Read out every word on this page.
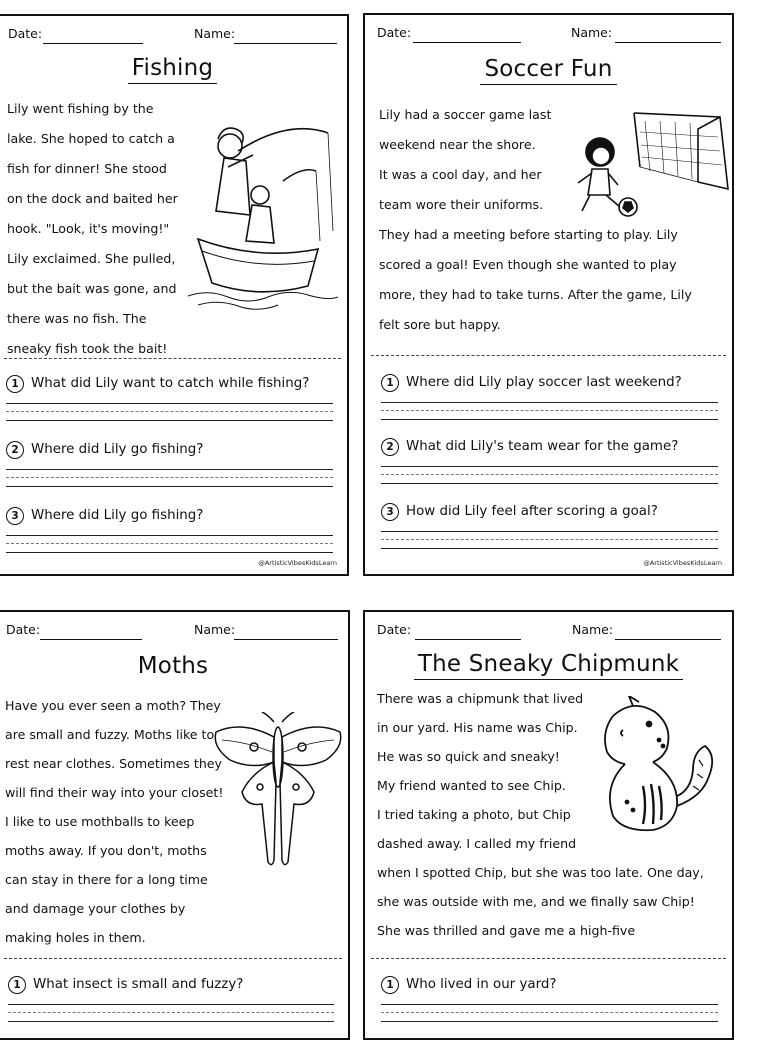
Date:	Name:
Fishing
Lily went fishing by the
lake. She hoped to catch a
fish for dinner! She stood
on the dock and baited her
hook. "Look, it's moving!"
Lily exclaimed. She pulled,
but the bait was gone, and
there was no fish. The
sneaky fish took the bait!
1 What did Lily want to catch while fishing?
2 Where did Lily go fishing?
3 Where did Lily go fishing?
@ArtisticVibesKidsLearn
Date:	Name:
Soccer Fun
Lily had a soccer game last
weekend near the shore.
It was a cool day, and her
team wore their uniforms.
They had a meeting before starting to play. Lily
scored a goal! Even though she wanted to play
more, they had to take turns. After the game, Lily
felt sore but happy.
1 Where did Lily play soccer last weekend?
2 What did Lily's team wear for the game?
3 How did Lily feel after scoring a goal?
@ArtisticVibesKidsLearn
Date:	Name:
Moths
Have you ever seen a moth? They
are small and fuzzy. Moths like to
rest near clothes. Sometimes they
will find their way into your closet!
I like to use mothballs to keep
moths away. If you don't, moths
can stay in there for a long time
and damage your clothes by
making holes in them.
1 What insect is small and fuzzy?
Date:	Name:
The Sneaky Chipmunk
There was a chipmunk that lived
in our yard. His name was Chip.
He was so quick and sneaky!
My friend wanted to see Chip.
I tried taking a photo, but Chip
dashed away. I called my friend
when I spotted Chip, but she was too late. One day,
she was outside with me, and we finally saw Chip!
She was thrilled and gave me a high-five
1 Who lived in our yard?
